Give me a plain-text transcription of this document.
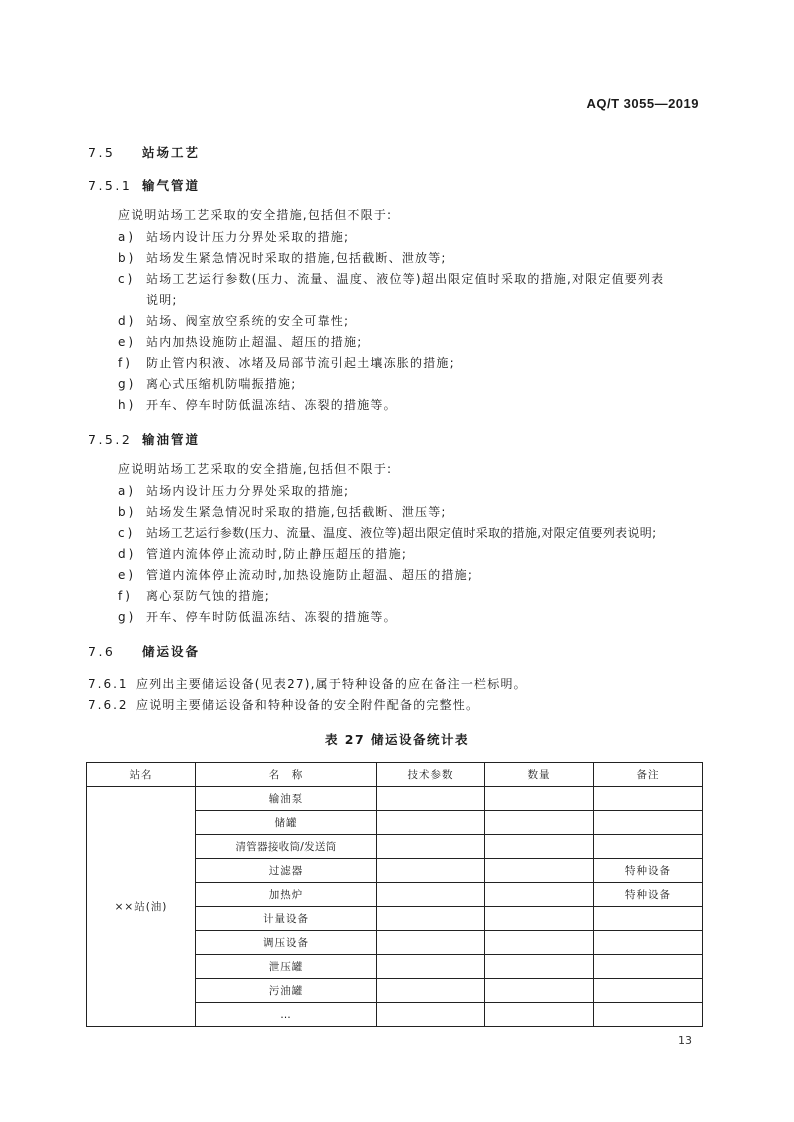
AQ/T 3055—2019
7.5 站场工艺
7.5.1 输气管道
应说明站场工艺采取的安全措施,包括但不限于:
a) 站场内设计压力分界处采取的措施;
b) 站场发生紧急情况时采取的措施,包括截断、泄放等;
c) 站场工艺运行参数(压力、流量、温度、液位等)超出限定值时采取的措施,对限定值要列表
说明;
d) 站场、阀室放空系统的安全可靠性;
e) 站内加热设施防止超温、超压的措施;
f) 防止管内积液、冰堵及局部节流引起土壤冻胀的措施;
g) 离心式压缩机防喘振措施;
h) 开车、停车时防低温冻结、冻裂的措施等。
7.5.2 输油管道
应说明站场工艺采取的安全措施,包括但不限于:
a) 站场内设计压力分界处采取的措施;
b) 站场发生紧急情况时采取的措施,包括截断、泄压等;
c) 站场工艺运行参数(压力、流量、温度、液位等)超出限定值时采取的措施,对限定值要列表说明;
d) 管道内流体停止流动时,防止静压超压的措施;
e) 管道内流体停止流动时,加热设施防止超温、超压的措施;
f) 离心泵防气蚀的措施;
g) 开车、停车时防低温冻结、冻裂的措施等。
7.6 储运设备
7.6.1 应列出主要储运设备(见表27),属于特种设备的应在备注一栏标明。
7.6.2 应说明主要储运设备和特种设备的安全附件配备的完整性。
表 27 储运设备统计表
站名	名　称	技术参数	数量	备注
××站(油)	输油泵			
	储罐			
	清管器接收筒/发送筒			
	过滤器			特种设备
	加热炉			特种设备
	计量设备			
	调压设备			
	泄压罐			
	污油罐			
	…			
13
